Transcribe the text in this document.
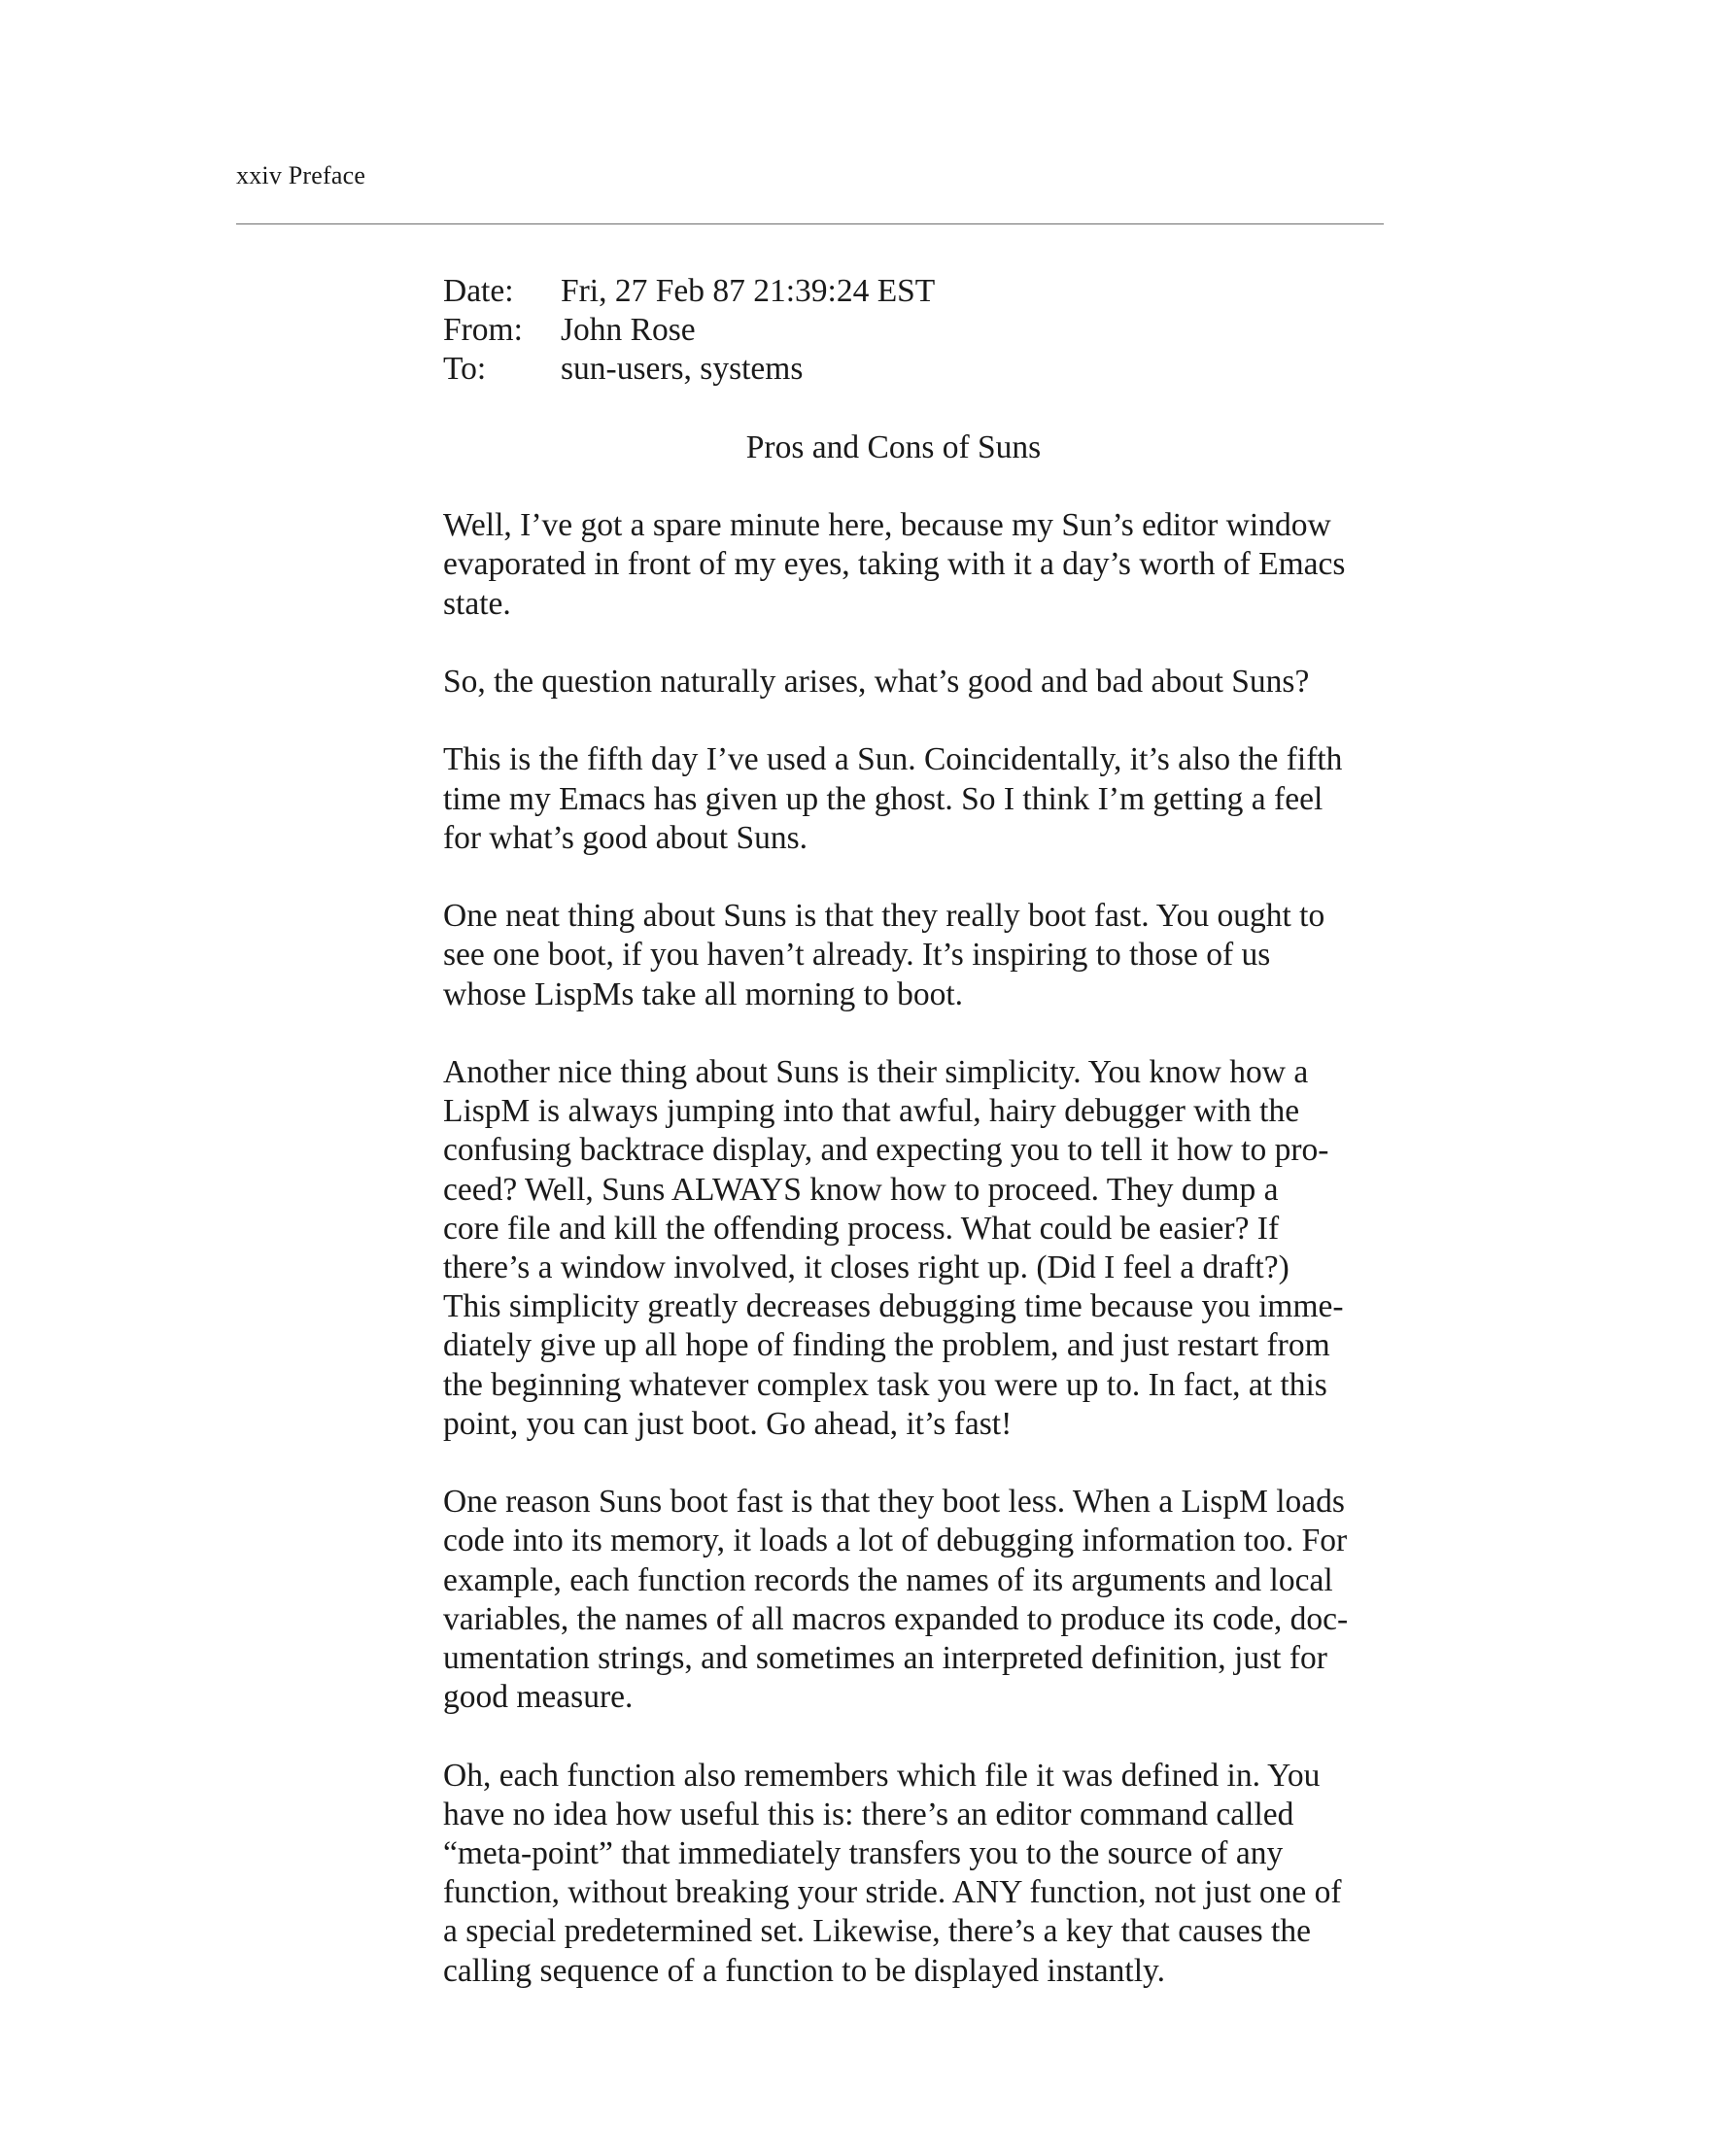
xxiv Preface
Date:	Fri, 27 Feb 87 21:39:24 EST
From:	John Rose
To:	sun-users, systems
Pros and Cons of Suns

Well, I’ve got a spare minute here, because my Sun’s editor window
evaporated in front of my eyes, taking with it a day’s worth of Emacs
state.

So, the question naturally arises, what’s good and bad about Suns?

This is the fifth day I’ve used a Sun. Coincidentally, it’s also the fifth
time my Emacs has given up the ghost. So I think I’m getting a feel
for what’s good about Suns.

One neat thing about Suns is that they really boot fast. You ought to
see one boot, if you haven’t already. It’s inspiring to those of us
whose LispMs take all morning to boot.

Another nice thing about Suns is their simplicity. You know how a
LispM is always jumping into that awful, hairy debugger with the
confusing backtrace display, and expecting you to tell it how to pro-
ceed? Well, Suns ALWAYS know how to proceed. They dump a
core file and kill the offending process. What could be easier? If
there’s a window involved, it closes right up. (Did I feel a draft?)
This simplicity greatly decreases debugging time because you imme-
diately give up all hope of finding the problem, and just restart from
the beginning whatever complex task you were up to. In fact, at this
point, you can just boot. Go ahead, it’s fast!

One reason Suns boot fast is that they boot less. When a LispM loads
code into its memory, it loads a lot of debugging information too. For
example, each function records the names of its arguments and local
variables, the names of all macros expanded to produce its code, doc-
umentation strings, and sometimes an interpreted definition, just for
good measure.

Oh, each function also remembers which file it was defined in. You
have no idea how useful this is: there’s an editor command called
“meta-point” that immediately transfers you to the source of any
function, without breaking your stride. ANY function, not just one of
a special predetermined set. Likewise, there’s a key that causes the
calling sequence of a function to be displayed instantly.
